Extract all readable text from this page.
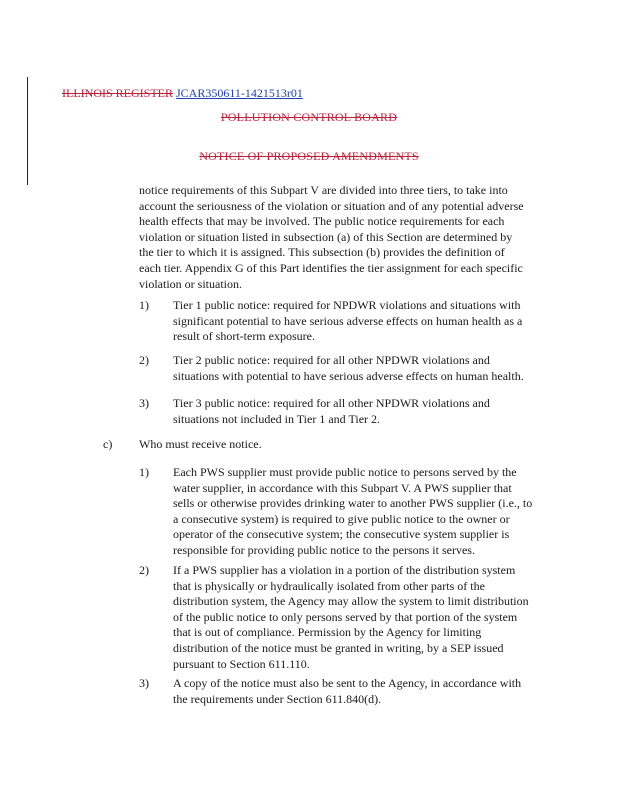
ILLINOIS REGISTER JCAR350611-1421513r01
POLLUTION CONTROL BOARD
NOTICE OF PROPOSED AMENDMENTS

notice requirements of this Subpart V are divided into three tiers, to take into account the seriousness of the violation or situation and of any potential adverse health effects that may be involved. The public notice requirements for each violation or situation listed in subsection (a) of this Section are determined by the tier to which it is assigned. This subsection (b) provides the definition of each tier. Appendix G of this Part identifies the tier assignment for each specific violation or situation.

1) Tier 1 public notice: required for NPDWR violations and situations with significant potential to have serious adverse effects on human health as a result of short-term exposure.
2) Tier 2 public notice: required for all other NPDWR violations and situations with potential to have serious adverse effects on human health.
3) Tier 3 public notice: required for all other NPDWR violations and situations not included in Tier 1 and Tier 2.
c) Who must receive notice.
1) Each PWS supplier must provide public notice to persons served by the water supplier, in accordance with this Subpart V. A PWS supplier that sells or otherwise provides drinking water to another PWS supplier (i.e., to a consecutive system) is required to give public notice to the owner or operator of the consecutive system; the consecutive system supplier is responsible for providing public notice to the persons it serves.
2) If a PWS supplier has a violation in a portion of the distribution system that is physically or hydraulically isolated from other parts of the distribution system, the Agency may allow the system to limit distribution of the public notice to only persons served by that portion of the system that is out of compliance. Permission by the Agency for limiting distribution of the notice must be granted in writing, by a SEP issued pursuant to Section 611.110.
3) A copy of the notice must also be sent to the Agency, in accordance with the requirements under Section 611.840(d).
